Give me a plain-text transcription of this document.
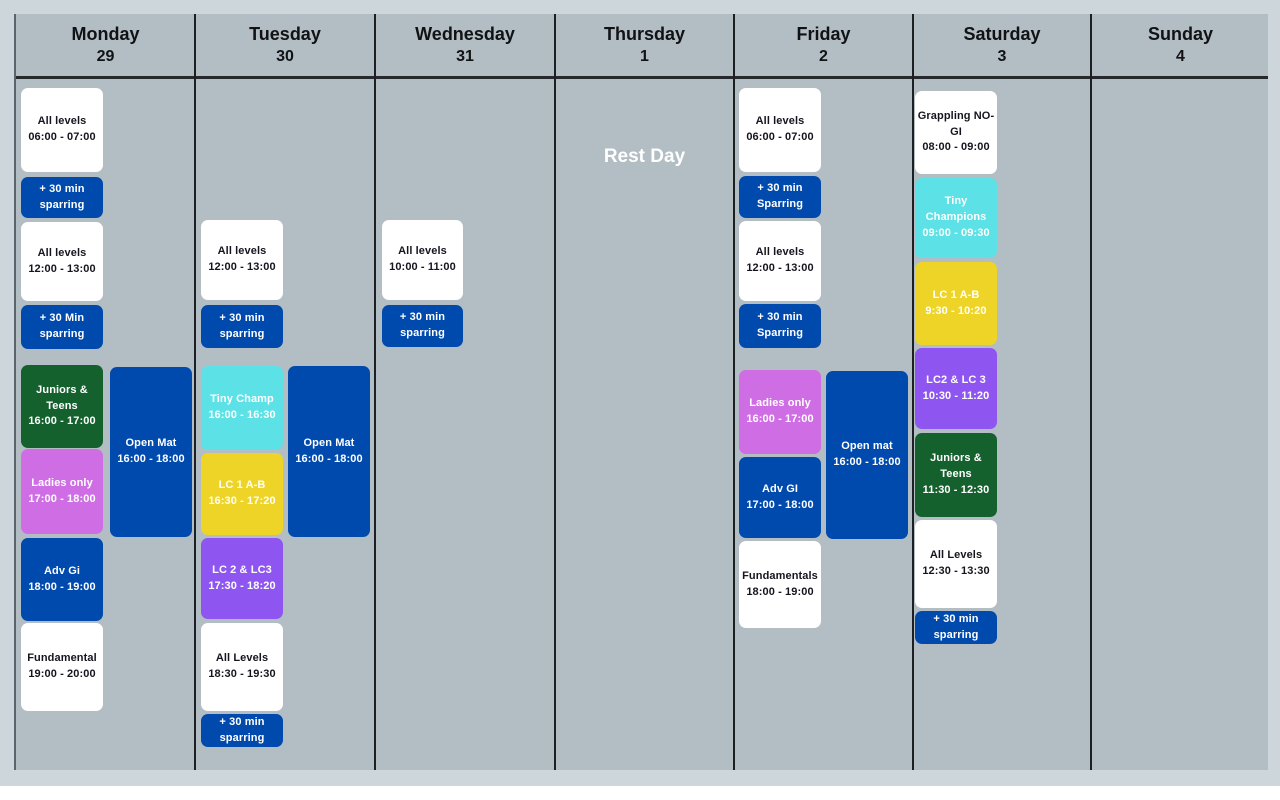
Monday
29
Tuesday
30
Wednesday
31
Thursday
1
Friday
2
Saturday
3
Sunday
4
All levels
06:00 - 07:00
+ 30 min sparring
All levels
12:00 - 13:00
+ 30 Min sparring
Juniors & Teens
16:00 - 17:00
Ladies only
17:00 - 18:00
Adv Gi
18:00 - 19:00
Fundamental
19:00 - 20:00
Open Mat
16:00 - 18:00
All levels
12:00 - 13:00
+ 30 min sparring
Tiny Champ
16:00 - 16:30
LC 1 A-B
16:30 - 17:20
LC 2 & LC3
17:30 - 18:20
All Levels
18:30 - 19:30
+ 30 min sparring
Open Mat
16:00 - 18:00
All levels
10:00 - 11:00
+ 30 min sparring
All levels
06:00 - 07:00
+ 30 min Sparring
All levels
12:00 - 13:00
+ 30 min Sparring
Ladies only
16:00 - 17:00
Adv GI
17:00 - 18:00
Fundamentals
18:00 - 19:00
Open mat
16:00 - 18:00
Grappling NO-GI
08:00 - 09:00
Tiny Champions
09:00 - 09:30
LC 1 A-B
9:30 - 10:20
LC2 & LC 3
10:30 - 11:20
Juniors & Teens
11:30 - 12:30
All Levels
12:30 - 13:30
+ 30 min sparring
Rest Day
